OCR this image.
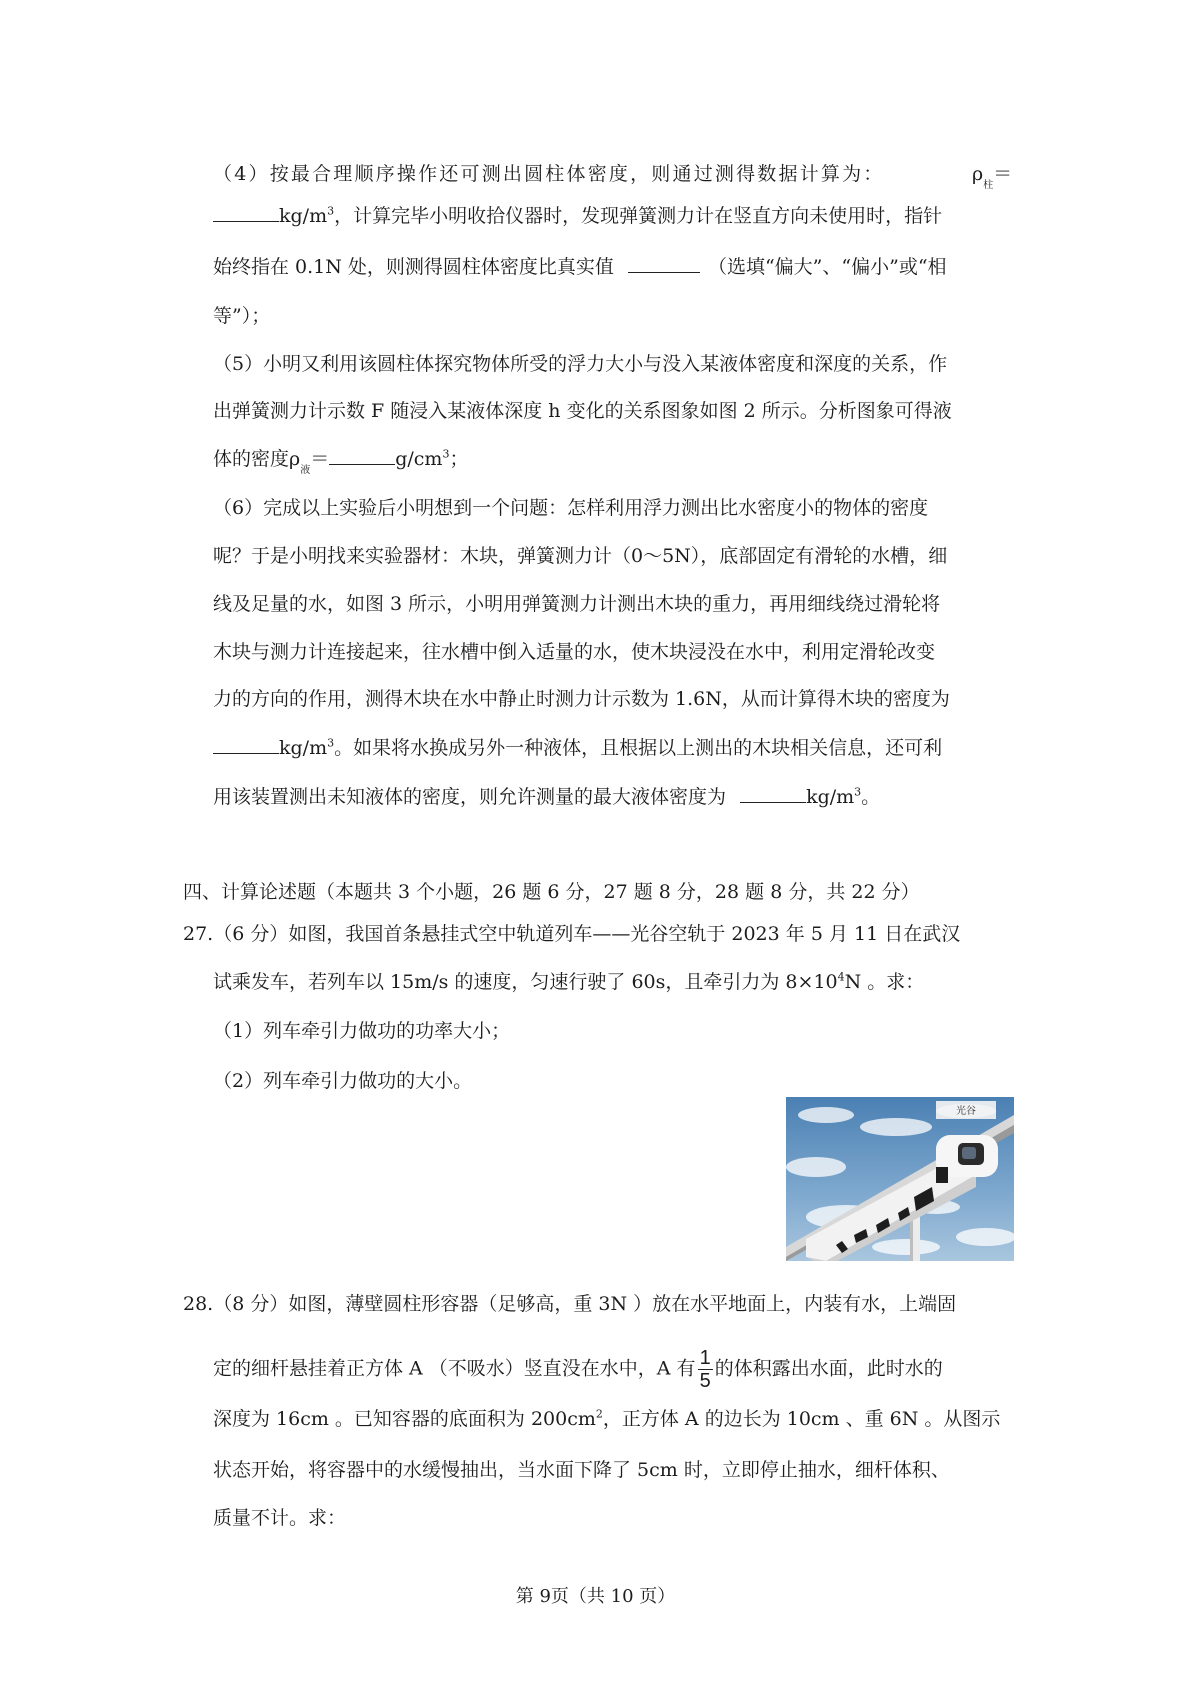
（4）按最合理顺序操作还可测出圆柱体密度，则通过测得数据计算为：	$\rho_柱=$
$kg/m^3$，计算完毕小明收拾仪器时，发现弹簧测力计在竖直方向未使用时，指针
始终指在 0.1N 处，则测得圆柱体密度比真实值	（选填“偏大”、“偏小”或“相
等”）；
（5）小明又利用该圆柱体探究物体所受的浮力大小与没入某液体密度和深度的关系，作
出弹簧测力计示数 F 随浸入某液体深度 h 变化的关系图象如图 2 所示。分析图象可得液
体的密度$\rho_液=$	$g/cm^3$；
（6）完成以上实验后小明想到一个问题：怎样利用浮力测出比水密度小的物体的密度
呢？于是小明找来实验器材：木块，弹簧测力计（0～5N），底部固定有滑轮的水槽，细
线及足量的水，如图 3 所示，小明用弹簧测力计测出木块的重力，再用细线绕过滑轮将
木块与测力计连接起来，往水槽中倒入适量的水，使木块浸没在水中，利用定滑轮改变
力的方向的作用，测得木块在水中静止时测力计示数为 1.6N，从而计算得木块的密度为
$kg/m^3$。如果将水换成另外一种液体，且根据以上测出的木块相关信息，还可利
用该装置测出未知液体的密度，则允许测量的最大液体密度为	$kg/m^3$。
四、计算论述题（本题共 3 个小题，26 题 6 分，27 题 8 分，28 题 8 分，共 22 分）
27.（6 分）如图，我国首条悬挂式空中轨道列车——光谷空轨于 2023 年 5 月 11 日在武汉
试乘发车，若列车以 15m/s 的速度，匀速行驶了 60s，且牵引力为 $8\times 10^4N$ 。求：
（1）列车牵引力做功的功率大小；
（2）列车牵引力做功的大小。
光谷
28.（8 分）如图，薄壁圆柱形容器（足够高，重 3N ）放在水平地面上，内装有水，上端固
定的细杆悬挂着正方体 A （不吸水）竖直没在水中，A 有 $\frac{1}{5}$ 的体积露出水面，此时水的
深度为 16cm 。已知容器的底面积为 $200cm^2$，正方体 A 的边长为 10cm 、重 6N 。从图示
状态开始，将容器中的水缓慢抽出，当水面下降了 5cm 时，立即停止抽水，细杆体积、
质量不计。求：
第 9页（共 10 页）
